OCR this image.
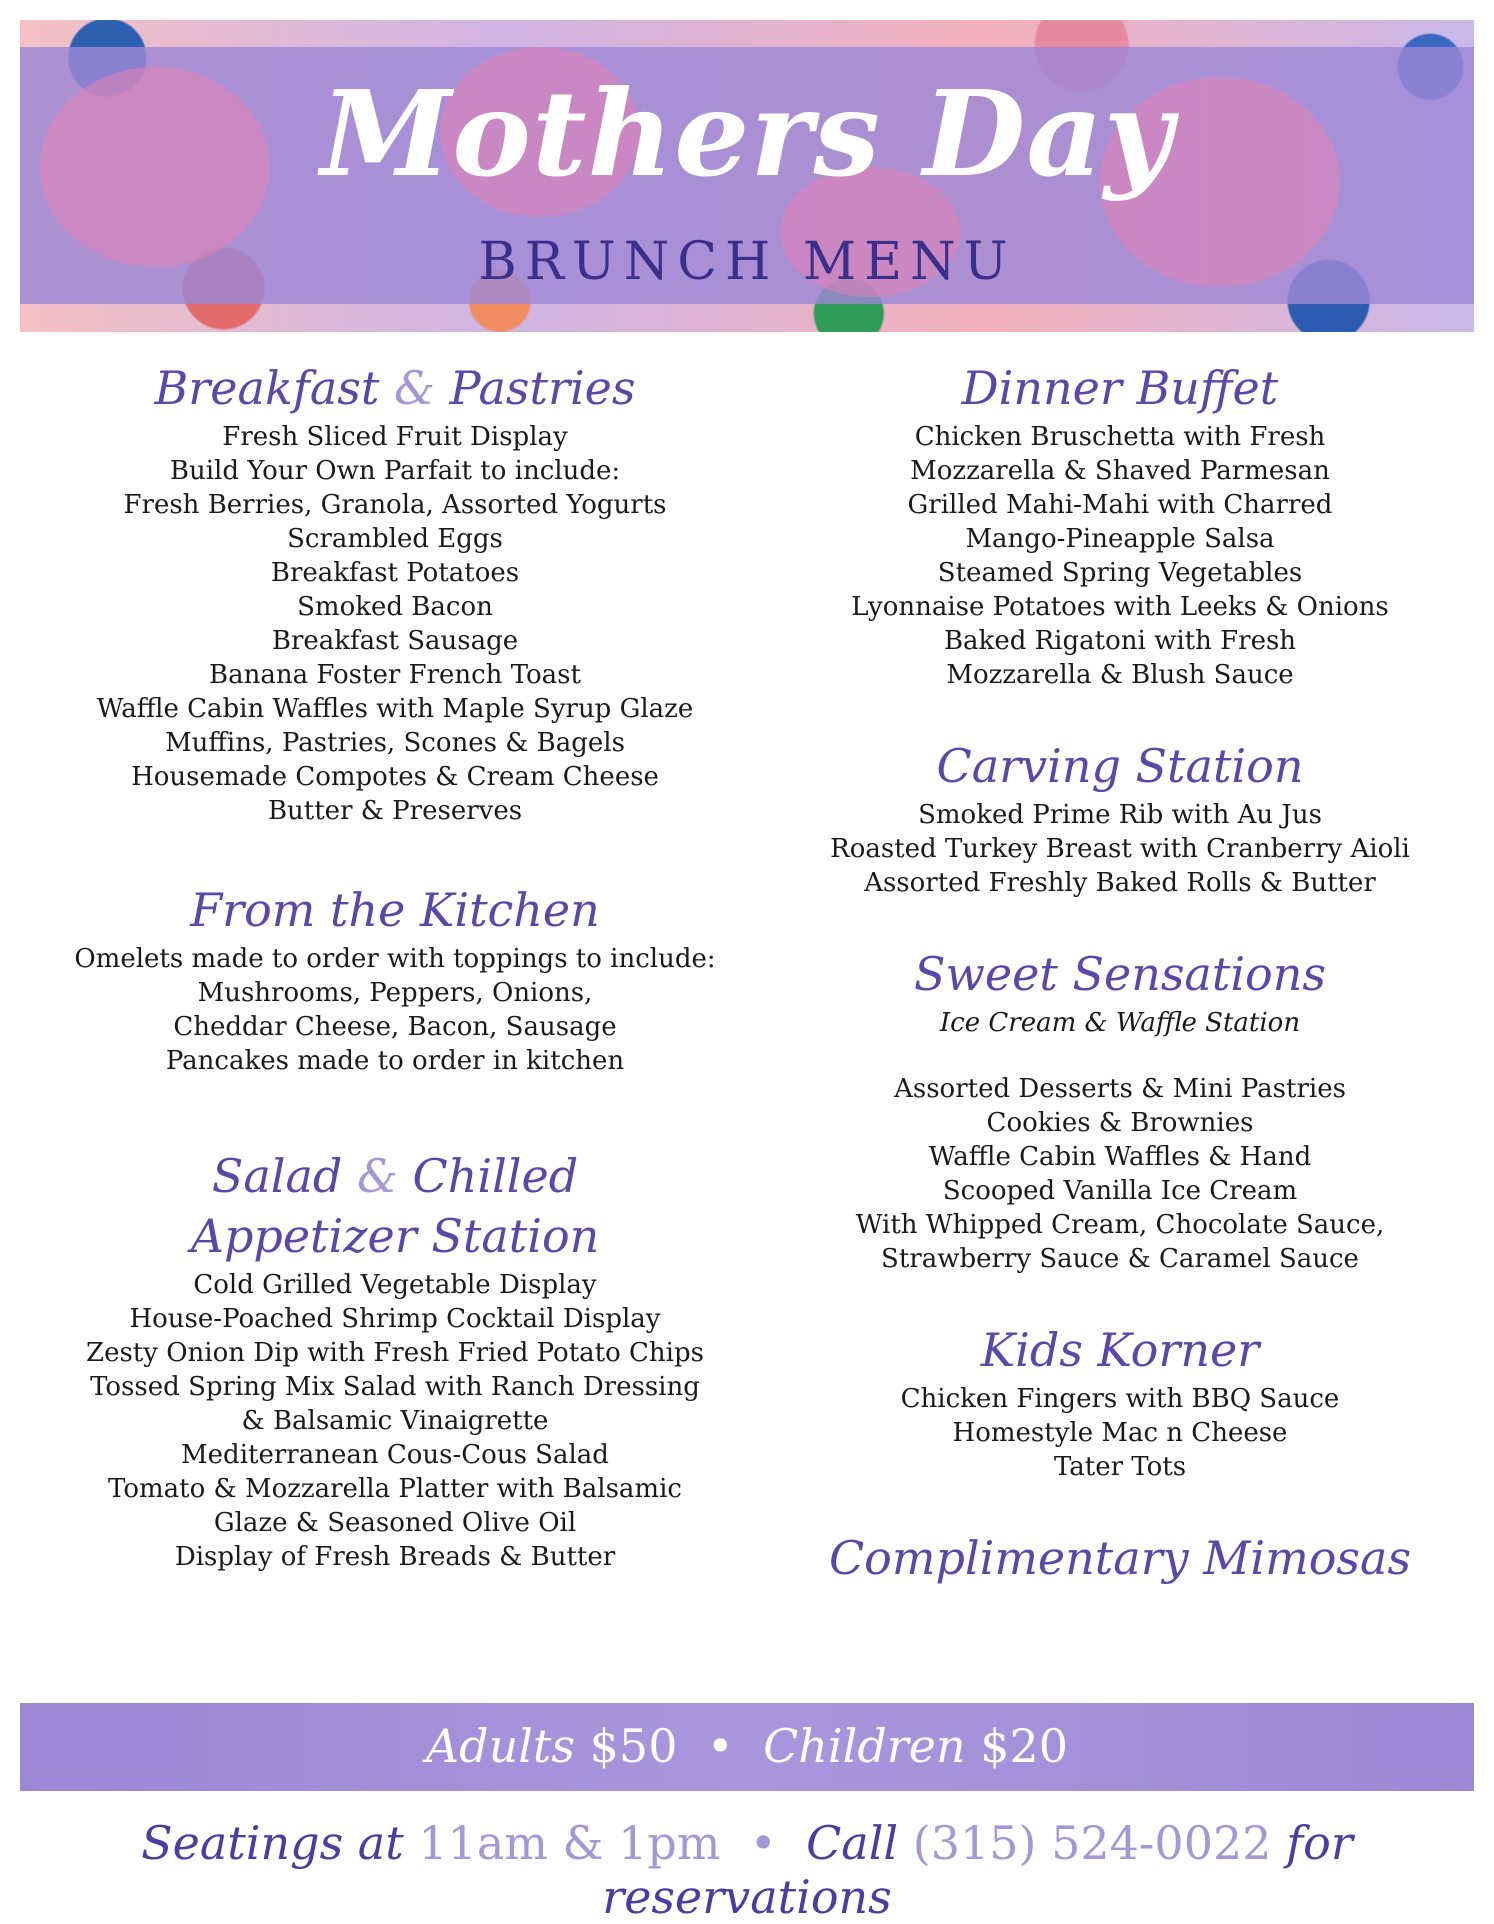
Mothers Day
BRUNCH MENU
Breakfast & Pastries
Fresh Sliced Fruit Display
Build Your Own Parfait to include:
Fresh Berries, Granola, Assorted Yogurts
Scrambled Eggs
Breakfast Potatoes
Smoked Bacon
Breakfast Sausage
Banana Foster French Toast
Waffle Cabin Waffles with Maple Syrup Glaze
Muffins, Pastries, Scones & Bagels
Housemade Compotes & Cream Cheese
Butter & Preserves
From the Kitchen
Omelets made to order with toppings to include:
Mushrooms, Peppers, Onions,
Cheddar Cheese, Bacon, Sausage
Pancakes made to order in kitchen
Salad & Chilled
Appetizer Station
Cold Grilled Vegetable Display
House-Poached Shrimp Cocktail Display
Zesty Onion Dip with Fresh Fried Potato Chips
Tossed Spring Mix Salad with Ranch Dressing
& Balsamic Vinaigrette
Mediterranean Cous-Cous Salad
Tomato & Mozzarella Platter with Balsamic
Glaze & Seasoned Olive Oil
Display of Fresh Breads & Butter
Dinner Buffet
Chicken Bruschetta with Fresh
Mozzarella & Shaved Parmesan
Grilled Mahi-Mahi with Charred
Mango-Pineapple Salsa
Steamed Spring Vegetables
Lyonnaise Potatoes with Leeks & Onions
Baked Rigatoni with Fresh
Mozzarella & Blush Sauce
Carving Station
Smoked Prime Rib with Au Jus
Roasted Turkey Breast with Cranberry Aioli
Assorted Freshly Baked Rolls & Butter
Sweet Sensations
Ice Cream & Waffle Station
Assorted Desserts & Mini Pastries
Cookies & Brownies
Waffle Cabin Waffles & Hand
Scooped Vanilla Ice Cream
With Whipped Cream, Chocolate Sauce,
Strawberry Sauce & Caramel Sauce
Kids Korner
Chicken Fingers with BBQ Sauce
Homestyle Mac n Cheese
Tater Tots
Complimentary Mimosas
Adults $50 • Children $20
Seatings at 11am & 1pm • Call (315) 524-0022 for reservations
